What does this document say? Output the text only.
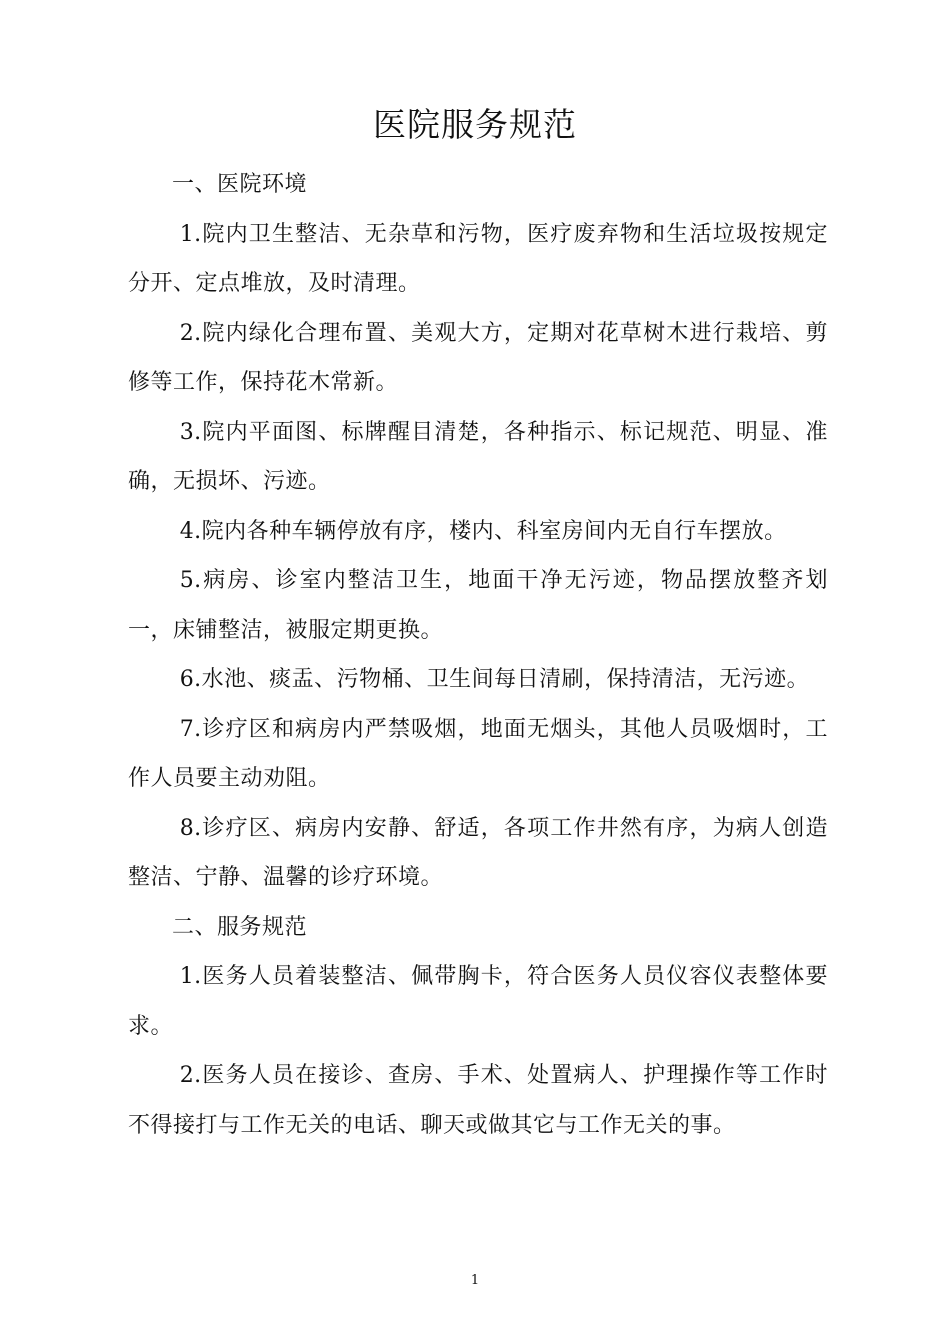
医院服务规范

一、医院环境

1.院内卫生整洁、无杂草和污物，医疗废弃物和生活垃圾按规定分开、定点堆放，及时清理。

2.院内绿化合理布置、美观大方，定期对花草树木进行栽培、剪修等工作，保持花木常新。

3.院内平面图、标牌醒目清楚，各种指示、标记规范、明显、准确，无损坏、污迹。

4.院内各种车辆停放有序，楼内、科室房间内无自行车摆放。

5.病房、诊室内整洁卫生，地面干净无污迹，物品摆放整齐划一，床铺整洁，被服定期更换。

6.水池、痰盂、污物桶、卫生间每日清刷，保持清洁，无污迹。

7.诊疗区和病房内严禁吸烟，地面无烟头，其他人员吸烟时，工作人员要主动劝阻。

8.诊疗区、病房内安静、舒适，各项工作井然有序，为病人创造整洁、宁静、温馨的诊疗环境。

二、服务规范

1.医务人员着装整洁、佩带胸卡，符合医务人员仪容仪表整体要求。

2.医务人员在接诊、查房、手术、处置病人、护理操作等工作时不得接打与工作无关的电话、聊天或做其它与工作无关的事。

1
